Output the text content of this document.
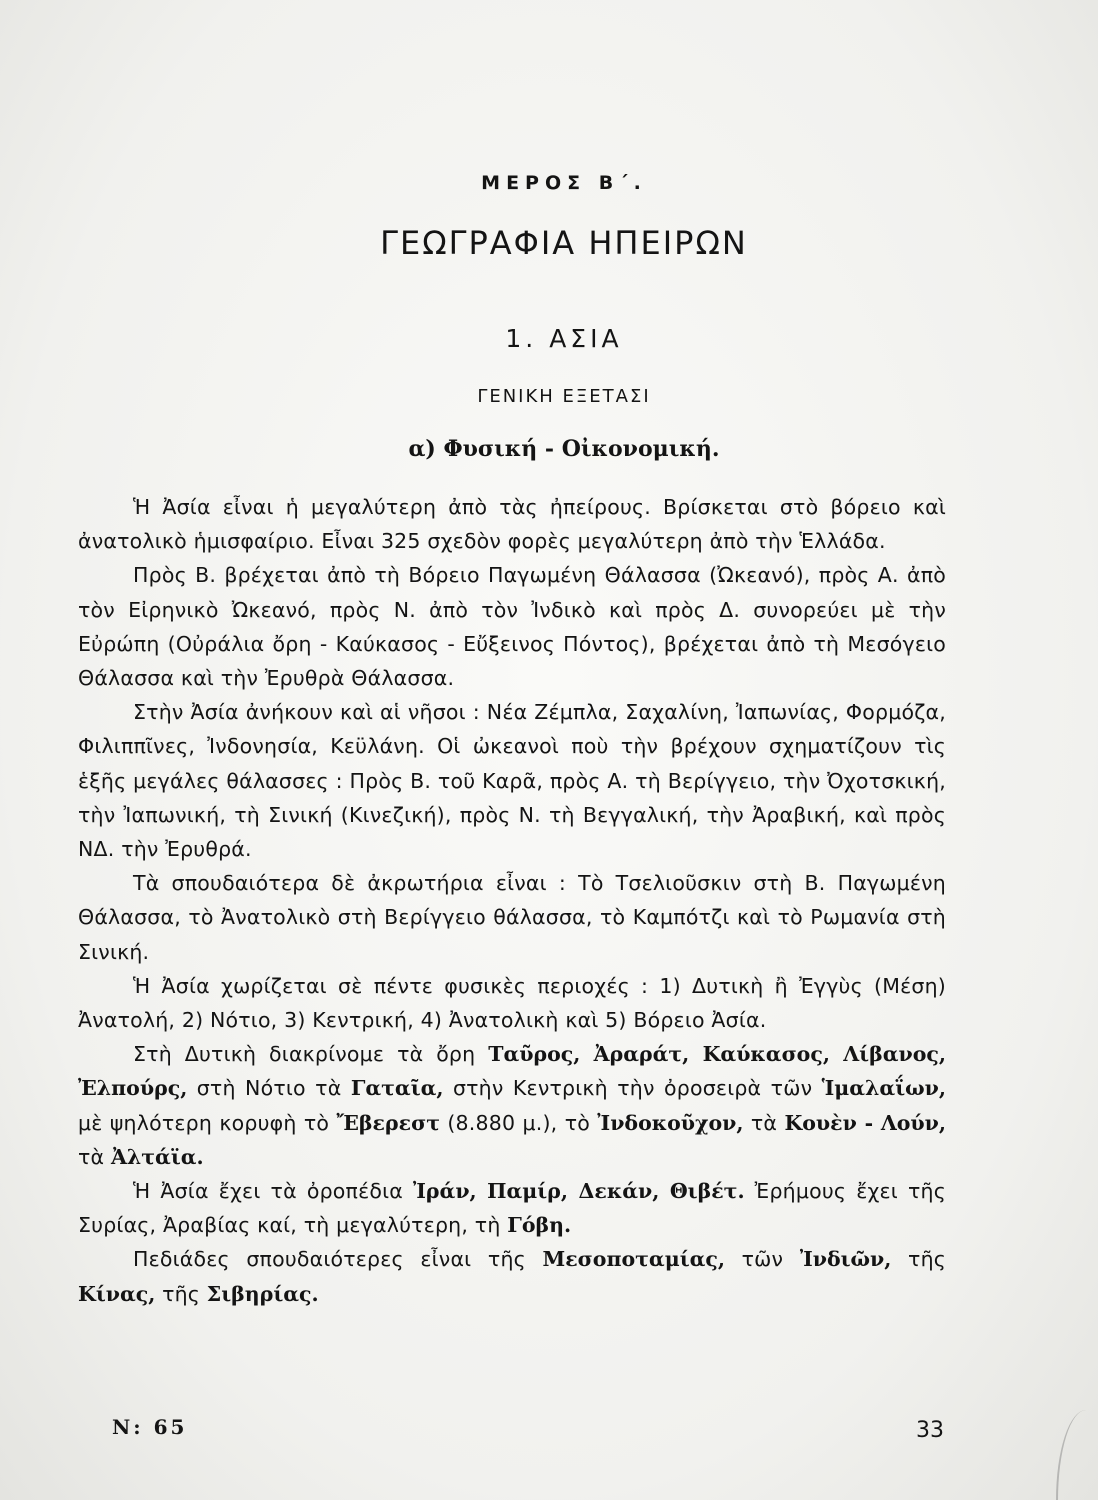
ΜΕΡΟΣ Β΄.
ΓΕΩΓΡΑΦΙΑ ΗΠΕΙΡΩΝ
1. ΑΣΙΑ
ΓΕΝΙΚΗ ΕΞΕΤΑΣΙ
α) Φυσική - Οἰκονομική.

Ἡ Ἀσία εἶναι ἡ μεγαλύτερη ἀπὸ τὰς ἠπείρους. Βρίσκεται στὸ βόρειο καὶ ἀνατολικὸ ἡμισφαίριο. Εἶναι 325 σχεδὸν φορὲς μεγαλύτερη ἀπὸ τὴν Ἑλλάδα.

Πρὸς Β. βρέχεται ἀπὸ τὴ Βόρειο Παγωμένη Θάλασσα (Ὠκεανό), πρὸς Α. ἀπὸ τὸν Εἰρηνικὸ Ὠκεανό, πρὸς Ν. ἀπὸ τὸν Ἰνδικὸ καὶ πρὸς Δ. συνορεύει μὲ τὴν Εὐρώπη (Οὐράλια ὄρη - Καύκασος - Εὔξεινος Πόντος), βρέχεται ἀπὸ τὴ Μεσόγειο Θάλασσα καὶ τὴν Ἐρυθρὰ Θάλασσα.

Στὴν Ἀσία ἀνήκουν καὶ αἱ νῆσοι : Νέα Ζέμπλα, Σαχαλίνη, Ἰαπωνίας, Φορμόζα, Φιλιππῖνες, Ἰνδονησία, Κεϋλάνη. Οἱ ὠκεανοὶ ποὺ τὴν βρέχουν σχηματίζουν τὶς ἑξῆς μεγάλες θάλασσες : Πρὸς Β. τοῦ Καρᾶ, πρὸς Α. τὴ Βερίγγειο, τὴν Ὀχοτσκική, τὴν Ἰαπωνική, τὴ Σινική (Κινεζική), πρὸς Ν. τὴ Βεγγαλική, τὴν Ἀραβική, καὶ πρὸς ΝΔ. τὴν Ἐρυθρά.

Τὰ σπουδαιότερα δὲ ἀκρωτήρια εἶναι : Τὸ Τσελιοῦσκιν στὴ Β. Παγωμένη Θάλασσα, τὸ Ἀνατολικὸ στὴ Βερίγγειο θάλασσα, τὸ Καμπότζι καὶ τὸ Ρωμανία στὴ Σινική.

Ἡ Ἀσία χωρίζεται σὲ πέντε φυσικὲς περιοχές : 1) Δυτικὴ ἢ Ἐγγὺς (Μέση) Ἀνατολή, 2) Νότιο, 3) Κεντρική, 4) Ἀνατολικὴ καὶ 5) Βόρειο Ἀσία.

Στὴ Δυτικὴ διακρίνομε τὰ ὄρη Ταῦρος, Ἀραράτ, Καύκασος, Λίβανος, Ἐλπούρς, στὴ Νότιο τὰ Γαταῖα, στὴν Κεντρικὴ τὴν ὀροσειρὰ τῶν Ἱμαλαΐων, μὲ ψηλότερη κορυφὴ τὸ Ἔβερεστ (8.880 μ.), τὸ Ἰνδοκοῦχον, τὰ Κουὲν - Λούν, τὰ Ἀλτάϊα.

Ἡ Ἀσία ἔχει τὰ ὀροπέδια Ἰράν, Παμίρ, Δεκάν, Θιβέτ. Ἐρήμους ἔχει τῆς Συρίας, Ἀραβίας καί, τὴ μεγαλύτερη, τὴ Γόβη.

Πεδιάδες σπουδαιότερες εἶναι τῆς Μεσοποταμίας, τῶν Ἰνδιῶν, τῆς Κίνας, τῆς Σιβηρίας.

Ν: 65	33
